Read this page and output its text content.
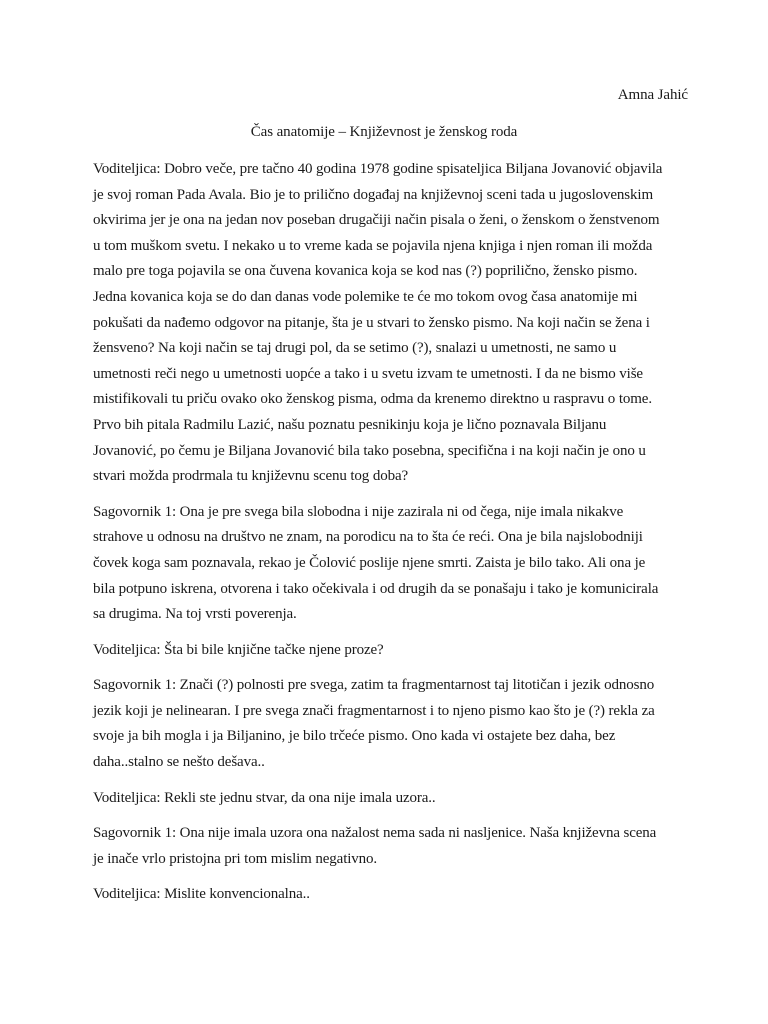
Amna Jahić
Čas anatomije – Književnost je ženskog roda

Voditeljica: Dobro veče, pre tačno 40 godina 1978 godine spisateljica Biljana Jovanović objavila je svoj roman Pada Avala. Bio je to prilično događaj na književnoj sceni tada u jugoslovenskim okvirima jer je ona na jedan nov poseban drugačiji način pisala o ženi, o ženskom o ženstvenom u tom muškom svetu. I nekako u to vreme kada se pojavila njena knjiga i njen roman ili možda malo pre toga pojavila se ona čuvena kovanica koja se kod nas (?) popriličnо, žensko pismo. Jedna kovanica koja se do dan danas vode polemike te će mo tokom ovog časa anatomije mi pokušati da nađemo odgovor na pitanje, šta je u stvari to žensko pismo. Na koji način se žena i žensveno? Na koji način se taj drugi pol, da se setimo (?), snalazi u umetnosti, ne samo u umetnosti reči nego u umetnosti uopće a tako i u svetu izvam te umetnosti. I da ne bismo više mistifikovali tu priču ovako oko ženskog pisma, odma da krenemo direktno u raspravu o tome. Prvo bih pitala Radmilu Lazić, našu poznatu pesnikinju koja je lično poznavala Biljanu Jovanović, po čemu je Biljana Jovanović bila tako posebna, specifična i na koji način je ono u stvari možda prodrmala tu književnu scenu tog doba?

Sagovornik 1: Ona je pre svega bila slobodna i nije zazirala ni od čega, nije imala nikakve strahove u odnosu na društvo ne znam, na porodicu na to šta će reći. Ona je bila najslobodniji čovek koga sam poznavala, rekao je Čolović poslije njene smrti. Zaista je bilo tako. Ali ona je bila potpuno iskrena, otvorena i tako očekivala i od drugih da se ponašaju i tako je komunicirala sa drugima. Na toj vrsti poverenja.

Voditeljica: Šta bi bile knjične tačke njene proze?

Sagovornik 1: Znači (?) polnosti pre svega, zatim ta fragmentarnost taj litotičan i jezik odnosno jezik koji je nelinearan. I pre svega znači fragmentarnost i to njeno pismo kao što je (?) rekla za svoje ja bih mogla i ja Biljanino, je bilo trčeće pismo. Ono kada vi ostajete bez daha, bez daha..stalno se nešto dešava..

Voditeljica: Rekli ste jednu stvar, da ona nije imala uzora..

Sagovornik 1: Ona nije imala uzora ona nažalost nema sada ni nasljenice. Naša književna scena je inače vrlo pristojna pri tom mislim negativno.

Voditeljica: Mislite konvencionalna..
